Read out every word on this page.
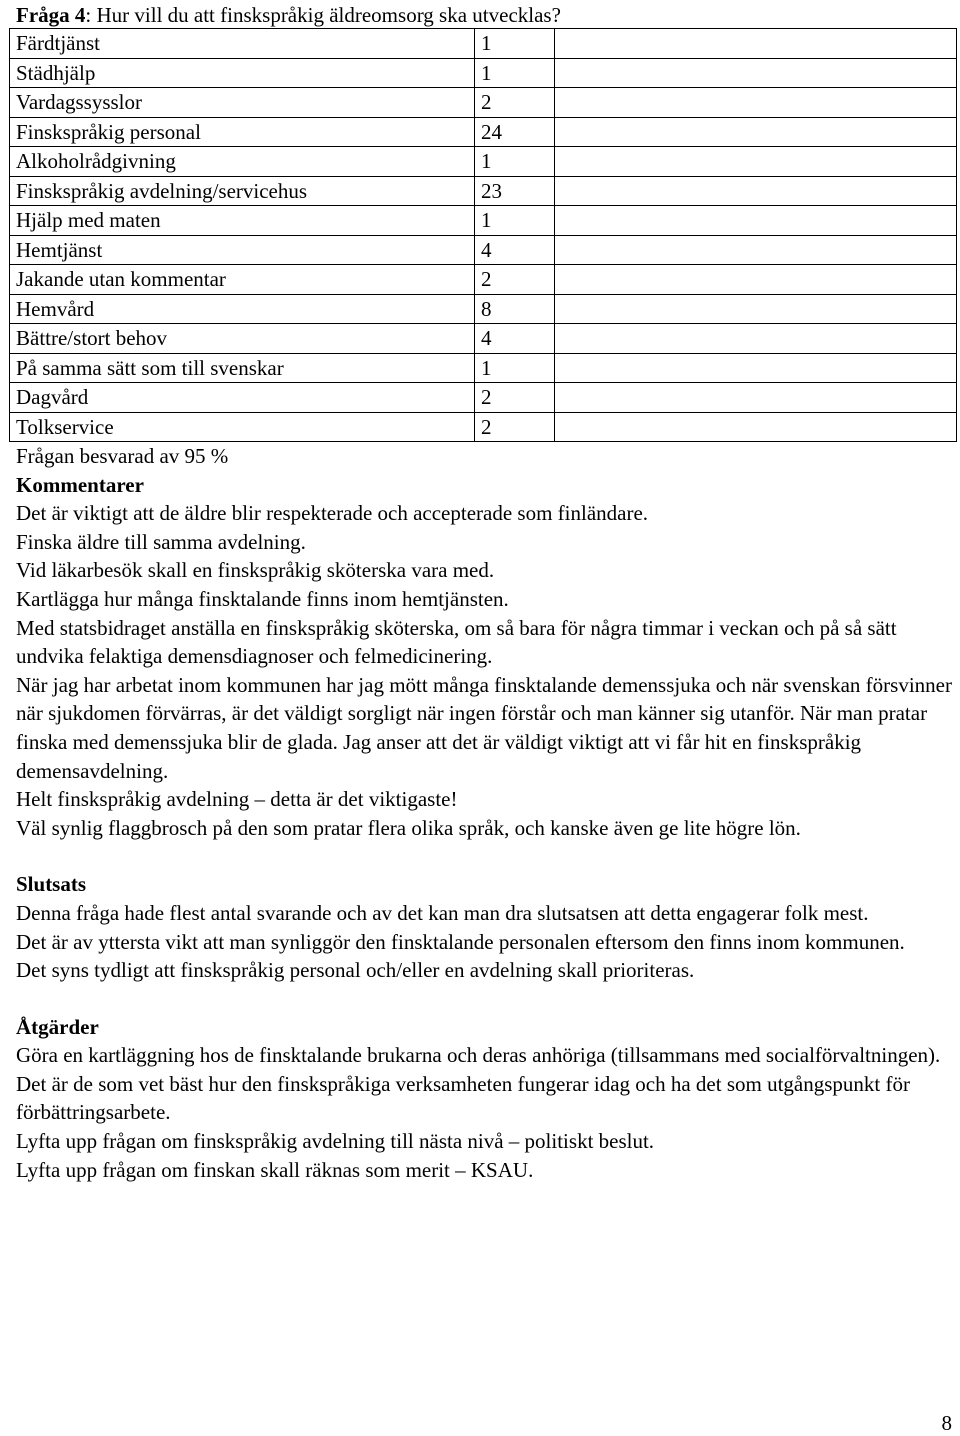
Fråga 4: Hur vill du att finskspråkig äldreomsorg ska utvecklas?
Färdtjänst	1	
Städhjälp	1	
Vardagssysslor	2	
Finskspråkig personal	24	
Alkoholrådgivning	1	
Finskspråkig avdelning/servicehus	23	
Hjälp med maten	1	
Hemtjänst	4	
Jakande utan kommentar	2	
Hemvård	8	
Bättre/stort behov	4	
På samma sätt som till svenskar	1	
Dagvård	2	
Tolkservice	2	
Frågan besvarad av 95 %
Kommentarer
Det är viktigt att de äldre blir respekterade och accepterade som finländare.
Finska äldre till samma avdelning.
Vid läkarbesök skall en finskspråkig sköterska vara med.
Kartlägga hur många finsktalande finns inom hemtjänsten.
Med statsbidraget anställa en finskspråkig sköterska, om så bara för några timmar i veckan och på så sätt undvika felaktiga demensdiagnoser och felmedicinering.
När jag har arbetat inom kommunen har jag mött många finsktalande demenssjuka och när svenskan försvinner när sjukdomen förvärras, är det väldigt sorgligt när ingen förstår och man känner sig utanför. När man pratar finska med demenssjuka blir de glada. Jag anser att det är väldigt viktigt att vi får hit en finskspråkig demensavdelning.
Helt finskspråkig avdelning – detta är det viktigaste!
Väl synlig flaggbrosch på den som pratar flera olika språk, och kanske även ge lite högre lön.
Slutsats
Denna fråga hade flest antal svarande och av det kan man dra slutsatsen att detta engagerar folk mest.
Det är av yttersta vikt att man synliggör den finsktalande personalen eftersom den finns inom kommunen.
Det syns tydligt att finskspråkig personal och/eller en avdelning skall prioriteras.
Åtgärder
Göra en kartläggning hos de finsktalande brukarna och deras anhöriga (tillsammans med socialförvaltningen). Det är de som vet bäst hur den finskspråkiga verksamheten fungerar idag och ha det som utgångspunkt för förbättringsarbete.
Lyfta upp frågan om finskspråkig avdelning till nästa nivå – politiskt beslut.
Lyfta upp frågan om finskan skall räknas som merit – KSAU.
8
